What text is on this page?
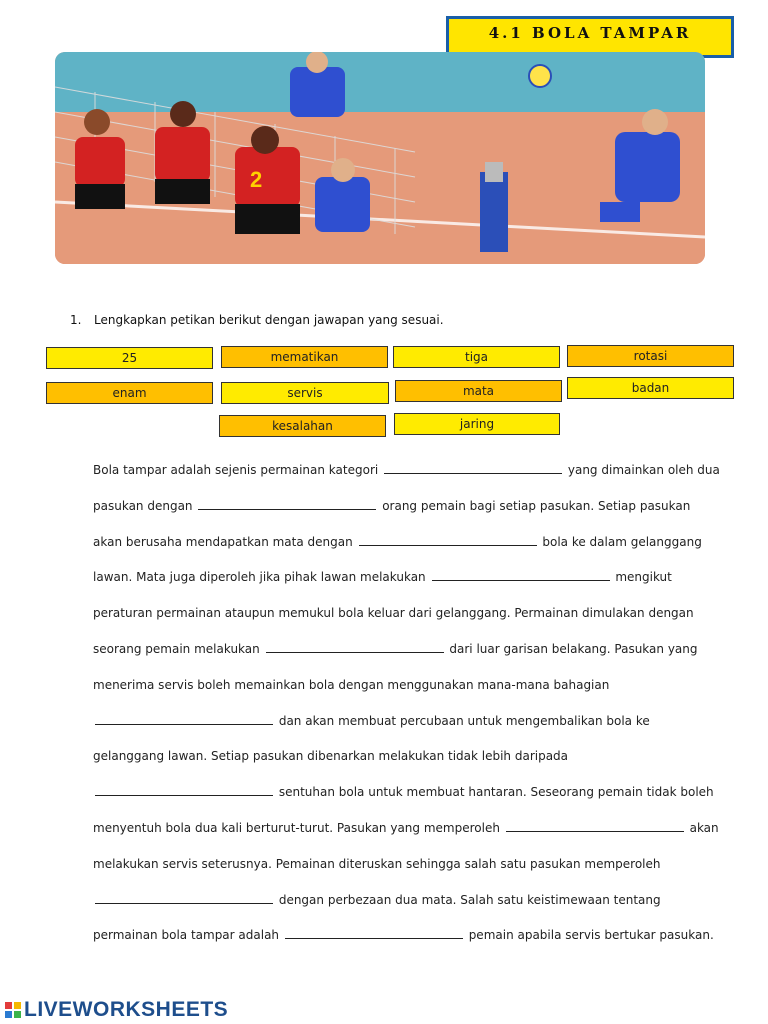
4.1 BOLA TAMPAR
2
1. Lengkapkan petikan berikut dengan jawapan yang sesuai.
25	mematikan	tiga	rotasi
enam	servis	mata	badan
kesalahan	jaring
Bola tampar adalah sejenis permainan kategori	yang dimainkan oleh dua pasukan dengan	orang pemain bagi setiap pasukan. Setiap pasukan akan berusaha mendapatkan mata dengan	bola ke dalam gelanggang lawan. Mata juga diperoleh jika pihak lawan melakukan	mengikut peraturan permainan ataupun memukul bola keluar dari gelanggang. Permainan dimulakan dengan seorang pemain melakukan	dari luar garisan belakang. Pasukan yang menerima servis boleh memainkan bola dengan menggunakan mana-mana bahagian  dan akan membuat percubaan untuk mengembalikan bola ke gelanggang lawan. Setiap pasukan dibenarkan melakukan tidak lebih daripada  sentuhan bola untuk membuat hantaran. Seseorang pemain tidak boleh menyentuh bola dua kali berturut-turut. Pasukan yang memperoleh	akan melakukan servis seterusnya. Pemainan diteruskan sehingga salah satu pasukan memperoleh  dengan perbezaan dua mata. Salah satu keistimewaan tentang permainan bola tampar adalah	pemain apabila servis bertukar pasukan.
LIVEWORKSHEETS
